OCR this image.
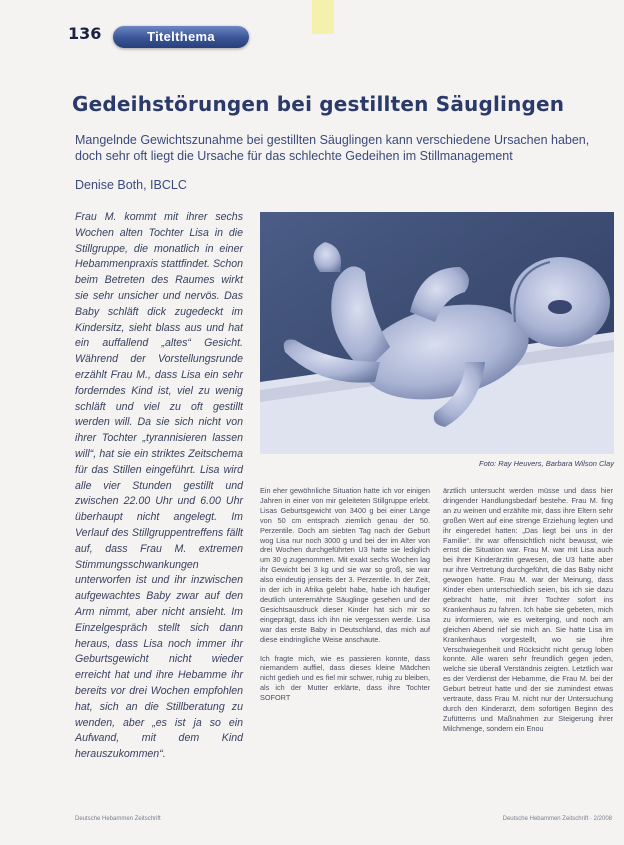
136	Titelthema
Gedeihstörungen bei gestillten Säuglingen

Mangelnde Gewichtszunahme bei gestillten Säuglingen kann verschiedene Ursachen haben, doch sehr oft liegt die Ursache für das schlechte Gedeihen im Stillmanagement

Denise Both, IBCLC

Frau M. kommt mit ihrer sechs Wochen alten Tochter Lisa in die Stillgruppe, die monatlich in einer Hebammenpraxis stattfindet. Schon beim Betreten des Raumes wirkt sie sehr unsicher und nervös. Das Baby schläft dick zugedeckt im Kindersitz, sieht blass aus und hat ein auffallend „altes“ Gesicht. Während der Vorstellungsrunde erzählt Frau M., dass Lisa ein sehr forderndes Kind ist, viel zu wenig schläft und viel zu oft gestillt werden will. Da sie sich nicht von ihrer Tochter „tyrannisieren lassen will“, hat sie ein striktes Zeitschema für das Stillen eingeführt. Lisa wird alle vier Stunden gestillt und zwischen 22.00 Uhr und 6.00 Uhr überhaupt nicht angelegt. Im Verlauf des Stillgruppentreffens fällt auf, dass Frau M. extremen Stimmungsschwankungen unterworfen ist und ihr inzwischen aufgewachtes Baby zwar auf den Arm nimmt, aber nicht ansieht. Im Einzelgespräch stellt sich dann heraus, dass Lisa noch immer ihr Geburtsgewicht nicht wieder erreicht hat und ihre Hebamme ihr bereits vor drei Wochen empfohlen hat, sich an die Stillberatung zu wenden, aber „es ist ja so ein Aufwand, mit dem Kind herauszukommen“.

Foto: Ray Heuvers, Barbara Wilson Clay

Ein eher gewöhnliche Situation hatte ich vor einigen Jahren in einer von mir geleiteten Stillgruppe erlebt. Lisas Geburtsgewicht von 3400 g bei einer Länge von 50 cm entsprach ziemlich genau der 50. Perzentile. Doch am siebten Tag nach der Geburt wog Lisa nur noch 3000 g und bei der im Alter von drei Wochen durchgeführten U3 hatte sie lediglich um 30 g zugenommen. Mit exakt sechs Wochen lag ihr Gewicht bei 3 kg und sie war so groß, sie war also eindeutig jenseits der 3. Perzentile. In der Zeit, in der ich in Afrika gelebt habe, habe ich häufiger deutlich unterernährte Säuglinge gesehen und der Gesichtsausdruck dieser Kinder hat sich mir so eingeprägt, dass ich ihn nie vergessen werde. Lisa war das erste Baby in Deutschland, das mich auf diese eindringliche Weise anschaute.

Ich fragte mich, wie es passieren konnte, dass niemandem auffiel, dass dieses kleine Mädchen nicht gedieh und es fiel mir schwer, ruhig zu bleiben, als ich der Mutter erklärte, dass ihre Tochter SOFORT

ärztlich untersucht werden müsse und dass hier dringender Handlungsbedarf bestehe. Frau M. fing an zu weinen und erzählte mir, dass ihre Eltern sehr großen Wert auf eine strenge Erziehung legten und ihr eingeredet hatten: „Das liegt bei uns in der Familie“. Ihr war offensichtlich nicht bewusst, wie ernst die Situation war. Frau M. war mit Lisa auch bei ihrer Kinderärztin gewesen, die U3 hatte aber nur ihre Vertretung durchgeführt, die das Baby nicht gewogen hatte. Frau M. war der Meinung, dass Kinder eben unterschiedlich seien, bis ich sie dazu gebracht hatte, mit ihrer Tochter sofort ins Krankenhaus zu fahren. Ich habe sie gebeten, mich zu informieren, wie es weiterging, und noch am gleichen Abend rief sie mich an. Sie hatte Lisa im Krankenhaus vorgestellt, wo sie ihre Verschwiegenheit und Rücksicht nicht genug loben konnte. Alle waren sehr freundlich gegen jeden, welche sie überall Verständnis zeigten. Letztlich war es der Verdienst der Hebamme, die Frau M. bei der Geburt betreut hatte und der sie zumindest etwas vertraute, dass Frau M. nicht nur der Untersuchung durch den Kinderarzt, dem sofortigen Beginn des Zufütterns und Maßnahmen zur Steigerung ihrer Milchmenge, sondern ein Enou

Deutsche Hebammen Zeitschrift	Deutsche Hebammen Zeitschrift · 2/2008
